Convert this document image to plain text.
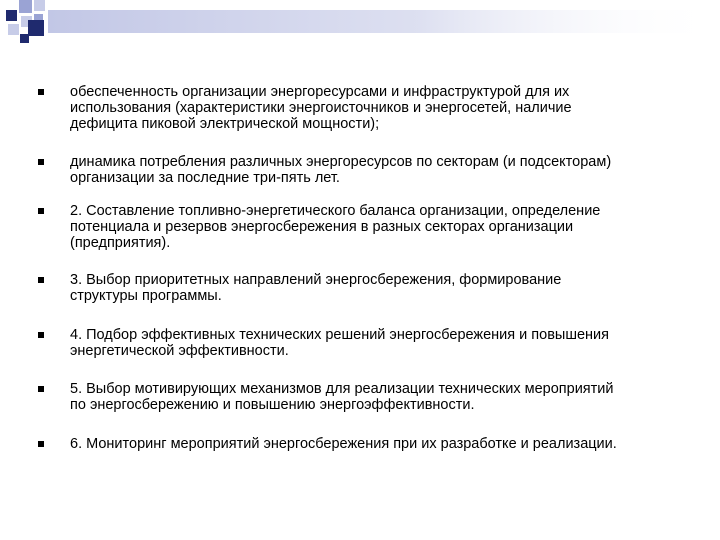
обеспеченность организации энергоресурсами и инфраструктурой для их
использования (характеристики энергоисточников и энергосетей, наличие
дефицита пиковой электрической мощности);
динамика потребления различных энергоресурсов по секторам (и подсекторам)
организации за последние три-пять лет.
2. Составление топливно-энергетического баланса организации, определение
потенциала и резервов энергосбережения в разных секторах организации
(предприятия).
3. Выбор приоритетных направлений энергосбережения, формирование
структуры программы.
4. Подбор эффективных технических решений энергосбережения и повышения
энергетической эффективности.
5. Выбор мотивирующих механизмов для реализации технических мероприятий
по энергосбережению и повышению энергоэффективности.
6. Мониторинг мероприятий энергосбережения при их разработке и реализации.
